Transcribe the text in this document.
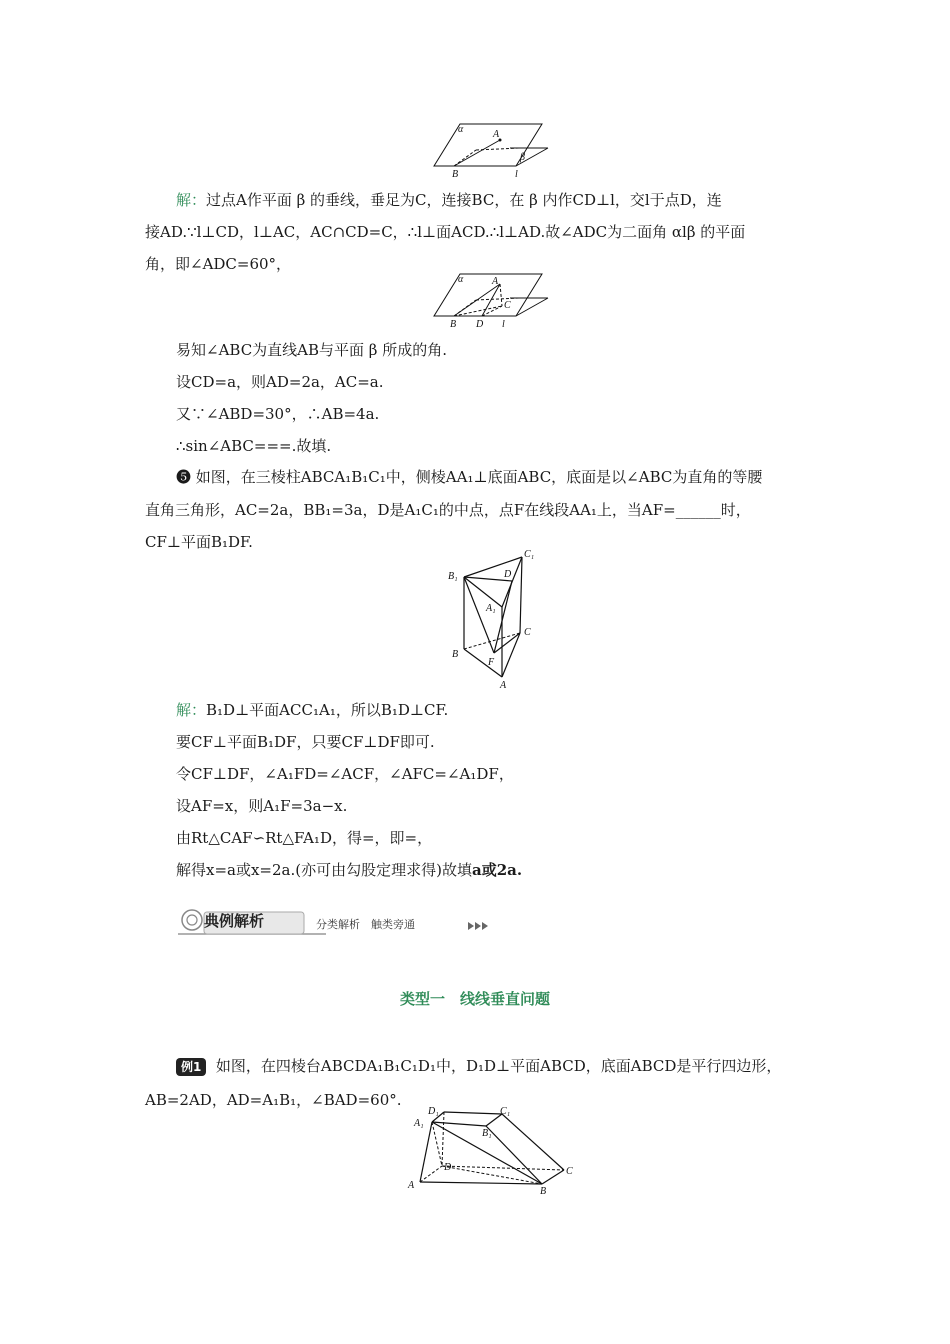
α	A
β
B	l
解：过点A作平面 β 的垂线，垂足为C，连接BC，在 β 内作CD⊥l，交l于点D，连
接AD.∵l⊥CD，l⊥AC，AC∩CD=C，∴l⊥面ACD.∴l⊥AD.故∠ADC为二面角 αlβ 的平面
角，即∠ADC=60°，
α	A
C
B D l
易知∠ABC为直线AB与平面 β 所成的角.
设CD=a，则AD=2a，AC=a.
又∵∠ABD=30°，∴AB=4a.
∴sin∠ABC===.故填.
❺ 如图，在三棱柱ABCA₁B₁C₁中，侧棱AA₁⊥底面ABC，底面是以∠ABC为直角的等腰
直角三角形，AC=2a，BB₁=3a，D是A₁C₁的中点，点F在线段AA₁上，当AF=______时，
CF⊥平面B₁DF.
C₁
B₁	D
A₁
C
B
F
A
解：B₁D⊥平面ACC₁A₁，所以B₁D⊥CF.
要CF⊥平面B₁DF，只要CF⊥DF即可.
令CF⊥DF，∠A₁FD=∠ACF，∠AFC=∠A₁DF，
设AF=x，则A₁F=3a−x.
由Rt△CAF∽Rt△FA₁D，得=，即=，
解得x=a或x=2a.(亦可由勾股定理求得)故填a或2a.
典例解析	分类解析　触类旁通
类型一　线线垂直问题
例1 如图，在四棱台ABCDA₁B₁C₁D₁中，D₁D⊥平面ABCD，底面ABCD是平行四边形，
AB=2AD，AD=A₁B₁，∠BAD=60°.
D₁	C₁
A₁
B₁
D	C
A
B
